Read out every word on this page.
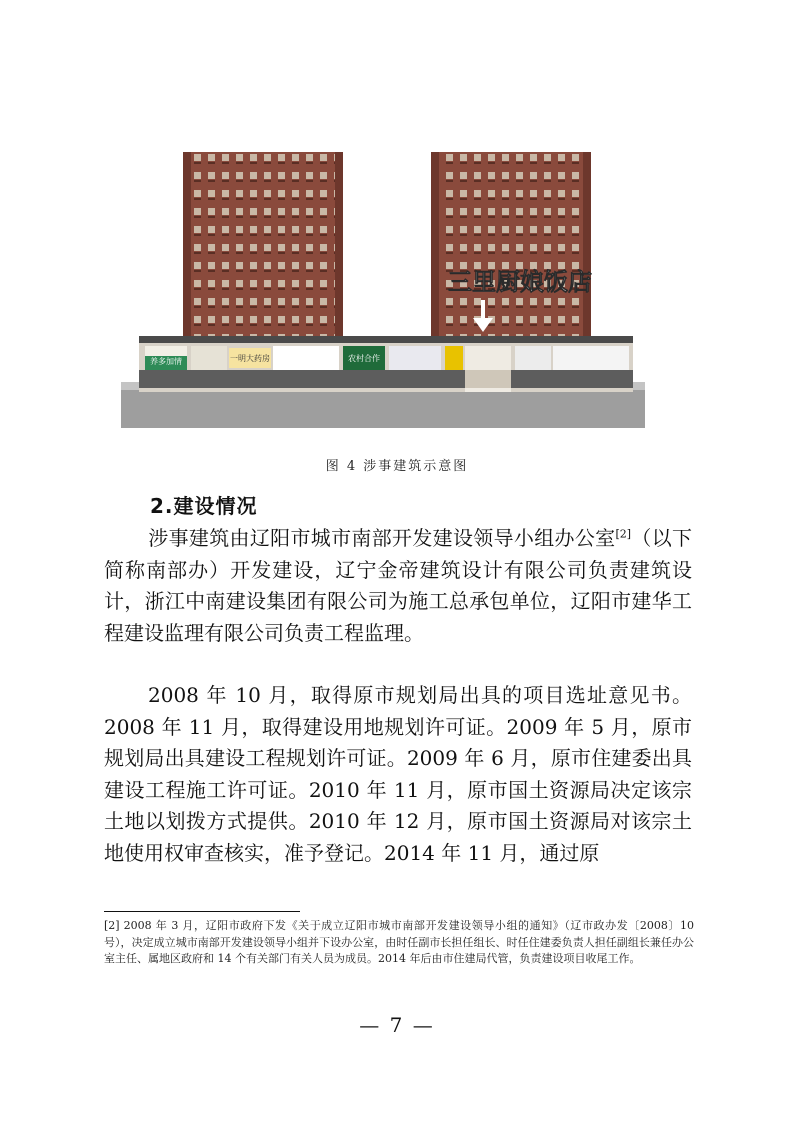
养多加情	一明大药房	农村合作
三里厨娘饭店
图 4 涉事建筑示意图
2.建设情况
涉事建筑由辽阳市城市南部开发建设领导小组办公室[2]（以下简称南部办）开发建设，辽宁金帝建筑设计有限公司负责建筑设计，浙江中南建设集团有限公司为施工总承包单位，辽阳市建华工程建设监理有限公司负责工程监理。
2008 年 10 月，取得原市规划局出具的项目选址意见书。2008 年 11 月，取得建设用地规划许可证。2009 年 5 月，原市规划局出具建设工程规划许可证。2009 年 6 月，原市住建委出具建设工程施工许可证。2010 年 11 月，原市国土资源局决定该宗土地以划拨方式提供。2010 年 12 月，原市国土资源局对该宗土地使用权审查核实，准予登记。2014 年 11 月，通过原
[2] 2008 年 3 月，辽阳市政府下发《关于成立辽阳市城市南部开发建设领导小组的通知》（辽市政办发〔2008〕10 号），决定成立城市南部开发建设领导小组并下设办公室，由时任副市长担任组长、时任住建委负责人担任副组长兼任办公室主任、属地区政府和 14 个有关部门有关人员为成员。2014 年后由市住建局代管，负责建设项目收尾工作。
— 7 —
